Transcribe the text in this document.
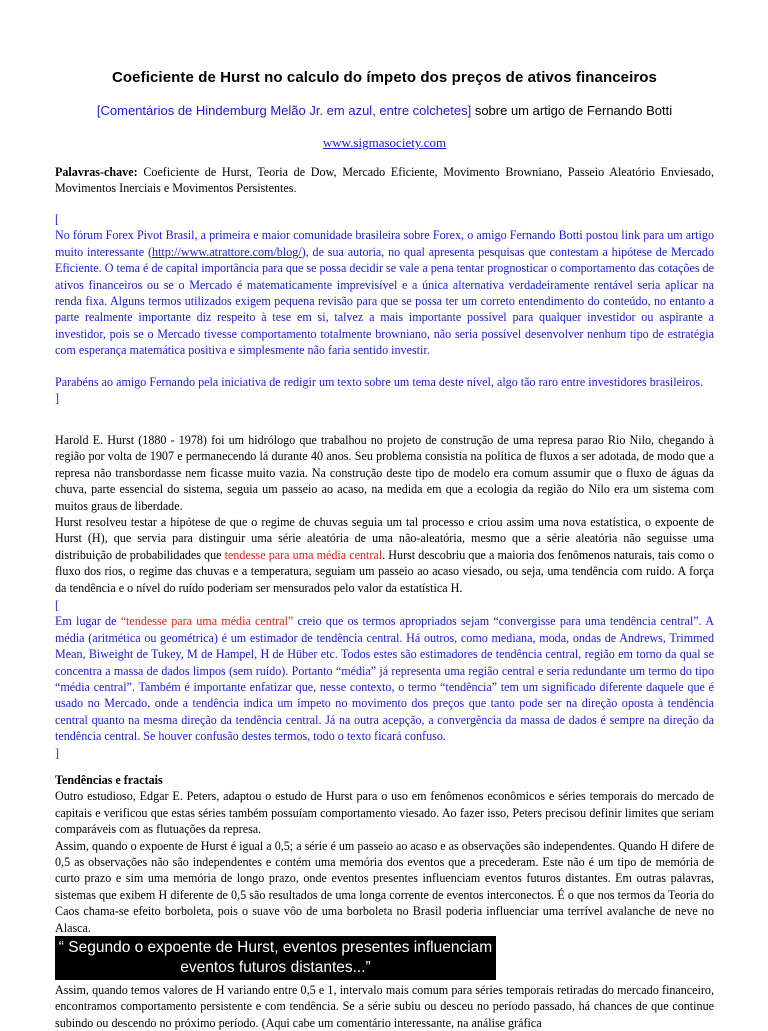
Coeficiente de Hurst no calculo do ímpeto dos preços de ativos financeiros
[Comentários de Hindemburg Melão Jr. em azul, entre colchetes] sobre um artigo de Fernando Botti
www.sigmasociety.com
Palavras-chave: Coeficiente de Hurst, Teoria de Dow, Mercado Eficiente, Movimento Browniano, Passeio Aleatório Enviesado, Movimentos Inerciais e Movimentos Persistentes.
[
No fórum Forex Pivot Brasil, a primeira e maior comunidade brasileira sobre Forex, o amigo Fernando Botti postou link para um artigo muito interessante (http://www.atrattore.com/blog/), de sua autoria, no qual apresenta pesquisas que contestam a hipótese de Mercado Eficiente. O tema é de capital importância para que se possa decidir se vale a pena tentar prognosticar o comportamento das cotações de ativos financeiros ou se o Mercado é matematicamente imprevisível e a única alternativa verdadeiramente rentável seria aplicar na renda fixa. Alguns termos utilizados exigem pequena revisão para que se possa ter um correto entendimento do conteúdo, no entanto a parte realmente importante diz respeito à tese em si, talvez a mais importante possível para qualquer investidor ou aspirante a investidor, pois se o Mercado tivesse comportamento totalmente browniano, não seria possível desenvolver nenhum tipo de estratégia com esperança matemática positiva e simplesmente não faria sentido investir.
Parabéns ao amigo Fernando pela iniciativa de redigir um texto sobre um tema deste nível, algo tão raro entre investidores brasileiros.
]
Harold E. Hurst (1880 - 1978) foi um hidrólogo que trabalhou no projeto de construção de uma represa parao Rio Nilo, chegando à região por volta de 1907 e permanecendo lá durante 40 anos. Seu problema consistia na política de fluxos a ser adotada, de modo que a represa não transbordasse nem ficasse muito vazia. Na construção deste tipo de modelo era comum assumir que o fluxo de águas da chuva, parte essencial do sistema, seguia um passeio ao acaso, na medida em que a ecologia da região do Nilo era um sistema com muitos graus de liberdade.
Hurst resolveu testar a hipótese de que o regime de chuvas seguia um tal processo e criou assim uma nova estatística, o expoente de Hurst (H), que servia para distinguir uma série aleatória de uma não-aleatória, mesmo que a série aleatória não seguisse uma distribuição de probabilidades que tendesse para uma média central. Hurst descobriu que a maioria dos fenômenos naturais, tais como o fluxo dos rios, o regime das chuvas e a temperatura, seguiam um passeio ao acaso viesado, ou seja, uma tendência com ruído. A força da tendência e o nível do ruído poderiam ser mensurados pelo valor da estatística H.
[
Em lugar de “tendesse para uma média central” creio que os termos apropriados sejam “convergisse para uma tendência central”. A média (aritmética ou geométrica) é um estimador de tendência central. Há outros, como mediana, moda, ondas de Andrews, Trimmed Mean, Biweight de Tukey, M de Hampel, H de Hüber etc. Todos estes são estimadores de tendência central, região em torno da qual se concentra a massa de dados limpos (sem ruído). Portanto “média” já representa uma região central e seria redundante um termo do tipo “média central”. Também é importante enfatizar que, nesse contexto, o termo “tendência” tem um significado diferente daquele que é usado no Mercado, onde a tendência indica um ímpeto no movimento dos preços que tanto pode ser na direção oposta à tendência central quanto na mesma direção da tendência central. Já na outra acepção, a convergência da massa de dados é sempre na direção da tendência central. Se houver confusão destes termos, todo o texto ficará confuso.
]
Tendências e fractais
Outro estudioso, Edgar E. Peters, adaptou o estudo de Hurst para o uso em fenômenos econômicos e séries temporais do mercado de capitais e verificou que estas séries também possuíam comportamento viesado. Ao fazer isso, Peters precisou definir limites que seriam comparáveis com as flutuações da represa.
Assim, quando o expoente de Hurst é igual a 0,5; a série é um passeio ao acaso e as observações são independentes. Quando H difere de 0,5 as observações não são independentes e contém uma memória dos eventos que a precederam. Este não é um tipo de memória de curto prazo e sim uma memória de longo prazo, onde eventos presentes influenciam eventos futuros distantes. Em outras palavras, sistemas que exibem H diferente de 0,5 são resultados de uma longa corrente de eventos interconectos. É o que nos termos da Teoria do Caos chama-se efeito borboleta, pois o suave vôo de uma borboleta no Brasil poderia influenciar uma terrível avalanche de neve no Alasca.
“ Segundo o expoente de Hurst, eventos presentes influenciam
eventos futuros distantes...”
Assim, quando temos valores de H variando entre 0,5 e 1, intervalo mais comum para séries temporais retiradas do mercado financeiro, encontramos comportamento persistente e com tendência. Se a série subiu ou desceu no período passado, há chances de que continue subindo ou descendo no próximo período. (Aqui cabe um comentário interessante, na análise gráfica
